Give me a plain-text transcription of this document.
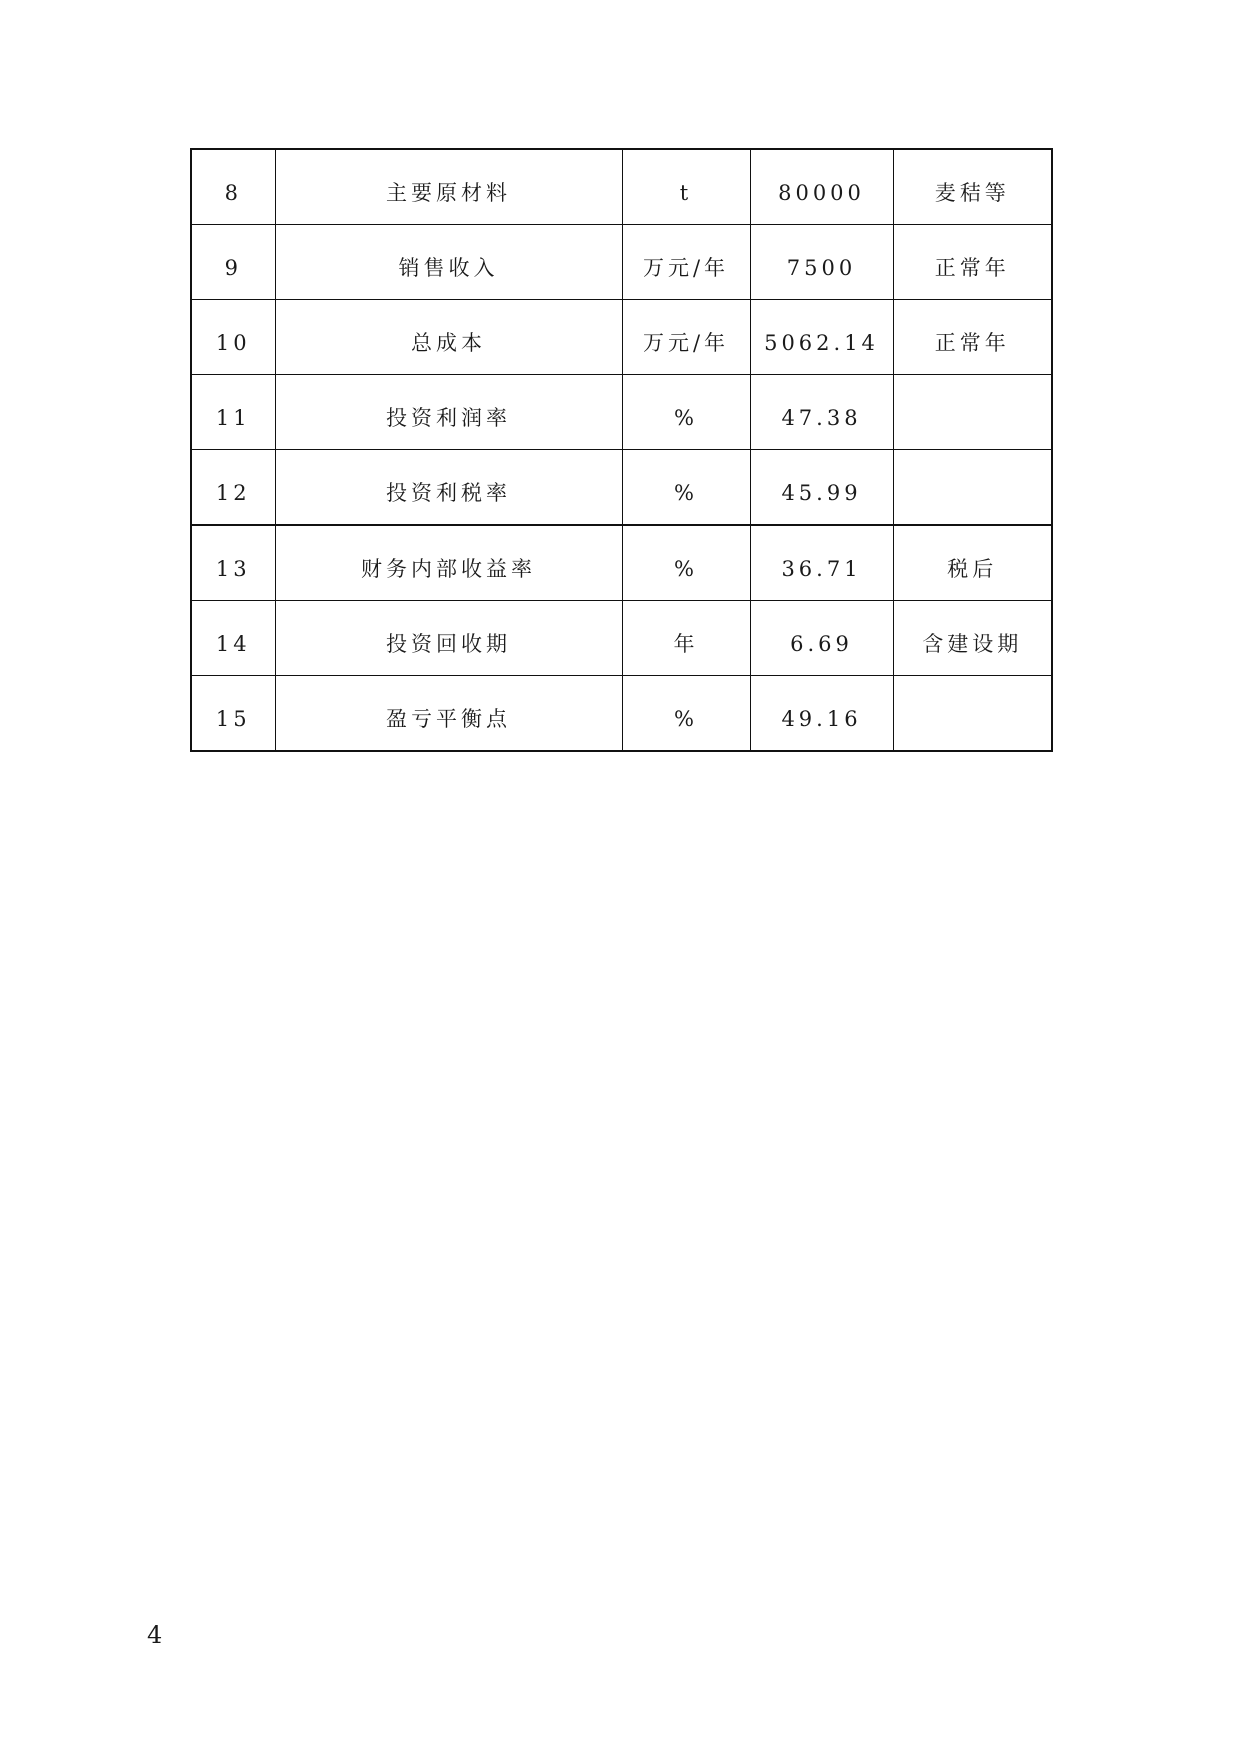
8	主要原材料	t	80000	麦秸等
9	销售收入	万元/年	7500	正常年
10	总成本	万元/年	5062.14	正常年
11	投资利润率	%	47.38	
12	投资利税率	%	45.99	
13	财务内部收益率	%	36.71	税后
14	投资回收期	年	6.69	含建设期
15	盈亏平衡点	%	49.16	
4
